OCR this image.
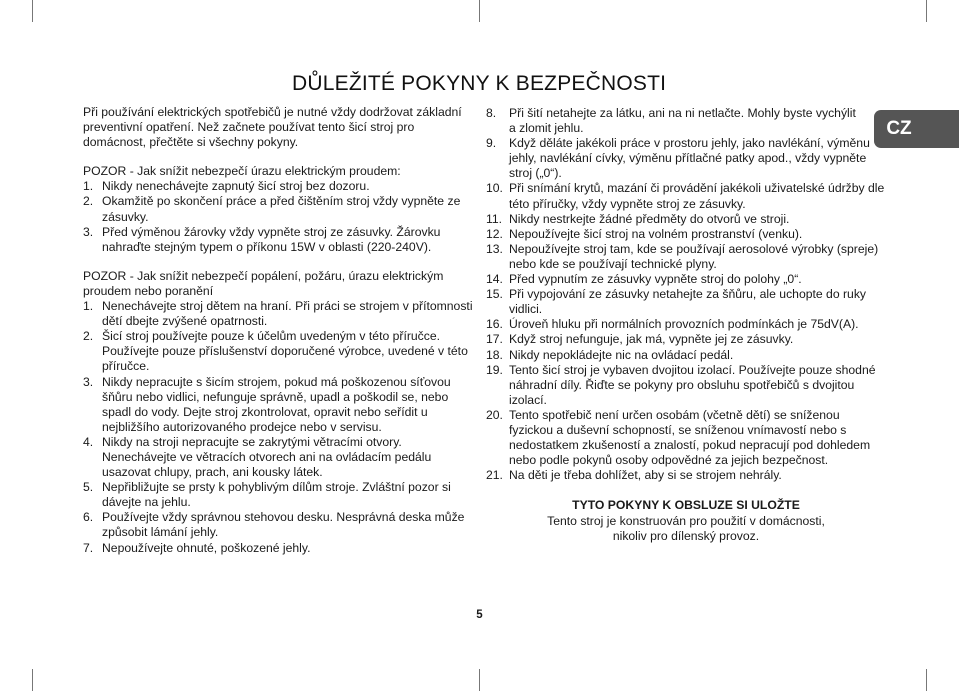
DŮLEŽITÉ POKYNY K BEZPEČNOSTI
CZ

Při používání elektrických spotřebičů je nutné vždy dodržovat základní preventivní opatření. Než začnete používat tento šicí stroj pro domácnost, přečtěte si všechny pokyny.

POZOR - Jak snížit nebezpečí úrazu elektrickým proudem:

1. Nikdy nenechávejte zapnutý šicí stroj bez dozoru.
2. Okamžitě po skončení práce a před čištěním stroj vždy vypněte ze zásuvky.
3. Před výměnou žárovky vždy vypněte stroj ze zásuvky. Žárovku nahraďte stejným typem o příkonu 15W v oblasti (220-240V).

POZOR - Jak snížit nebezpečí popálení, požáru, úrazu elektrickým proudem nebo poranění

1. Nenechávejte stroj dětem na hraní. Při práci se strojem v přítomnosti dětí dbejte zvýšené opatrnosti.
2. Šicí stroj používejte pouze k účelům uvedeným v této příručce. Používejte pouze příslušenství doporučené výrobce, uvedené v této příručce.
3. Nikdy nepracujte s šicím strojem, pokud má poškozenou síťovou šňůru nebo vidlici, nefunguje správně, upadl a poškodil se, nebo spadl do vody. Dejte stroj zkontrolovat, opravit nebo seřídit u nejbližšího autorizovaného prodejce nebo v servisu.
4. Nikdy na stroji nepracujte se zakrytými větracími otvory. Nenechávejte ve větracích otvorech ani na ovládacím pedálu usazovat chlupy, prach, ani kousky látek.
5. Nepřibližujte se prsty k pohyblivým dílům stroje. Zvláštní pozor si dávejte na jehlu.
6. Používejte vždy správnou stehovou desku. Nesprávná deska může způsobit lámání jehly.
7. Nepoužívejte ohnuté, poškozené jehly.
8.	Při šití netahejte za látku, ani na ni netlačte. Mohly byste vychýlit a zlomit jehlu.
9.	Když děláte jakékoli práce v prostoru jehly, jako navlékání, výměnu jehly, navlékání cívky, výměnu přítlačné patky apod., vždy vypněte stroj („0“).
10. Při snímání krytů, mazání či provádění jakékoli uživatelské údržby dle této příručky, vždy vypněte stroj ze zásuvky.
11. Nikdy nestrkejte žádné předměty do otvorů ve stroji.
12. Nepoužívejte šicí stroj na volném prostranství (venku).
13. Nepoužívejte stroj tam, kde se používají aerosolové výrobky (spreje) nebo kde se používají technické plyny.
14. Před vypnutím ze zásuvky vypněte stroj do polohy „0“.
15. Při vypojování ze zásuvky netahejte za šňůru, ale uchopte do ruky vidlici.
16. Úroveň hluku při normálních provozních podmínkách je 75dV(A).
17. Když stroj nefunguje, jak má, vypněte jej ze zásuvky.
18. Nikdy nepokládejte nic na ovládací pedál.
19. Tento šicí stroj je vybaven dvojitou izolací. Používejte pouze shodné náhradní díly. Řiďte se pokyny pro obsluhu spotřebičů s dvojitou izolací.
20. Tento spotřebič není určen osobám (včetně dětí) se sníženou fyzickou a duševní schopností, se sníženou vnímavostí nebo s nedostatkem zkušeností a znalostí, pokud nepracují pod dohledem nebo podle pokynů osoby odpovědné za jejich bezpečnost.
21. Na děti je třeba dohlížet, aby si se strojem nehrály.

TYTO POKYNY K OBSLUZE SI ULOŽTE

Tento stroj je konstruován pro použití v domácnosti,

nikoliv pro dílenský provoz.

5
